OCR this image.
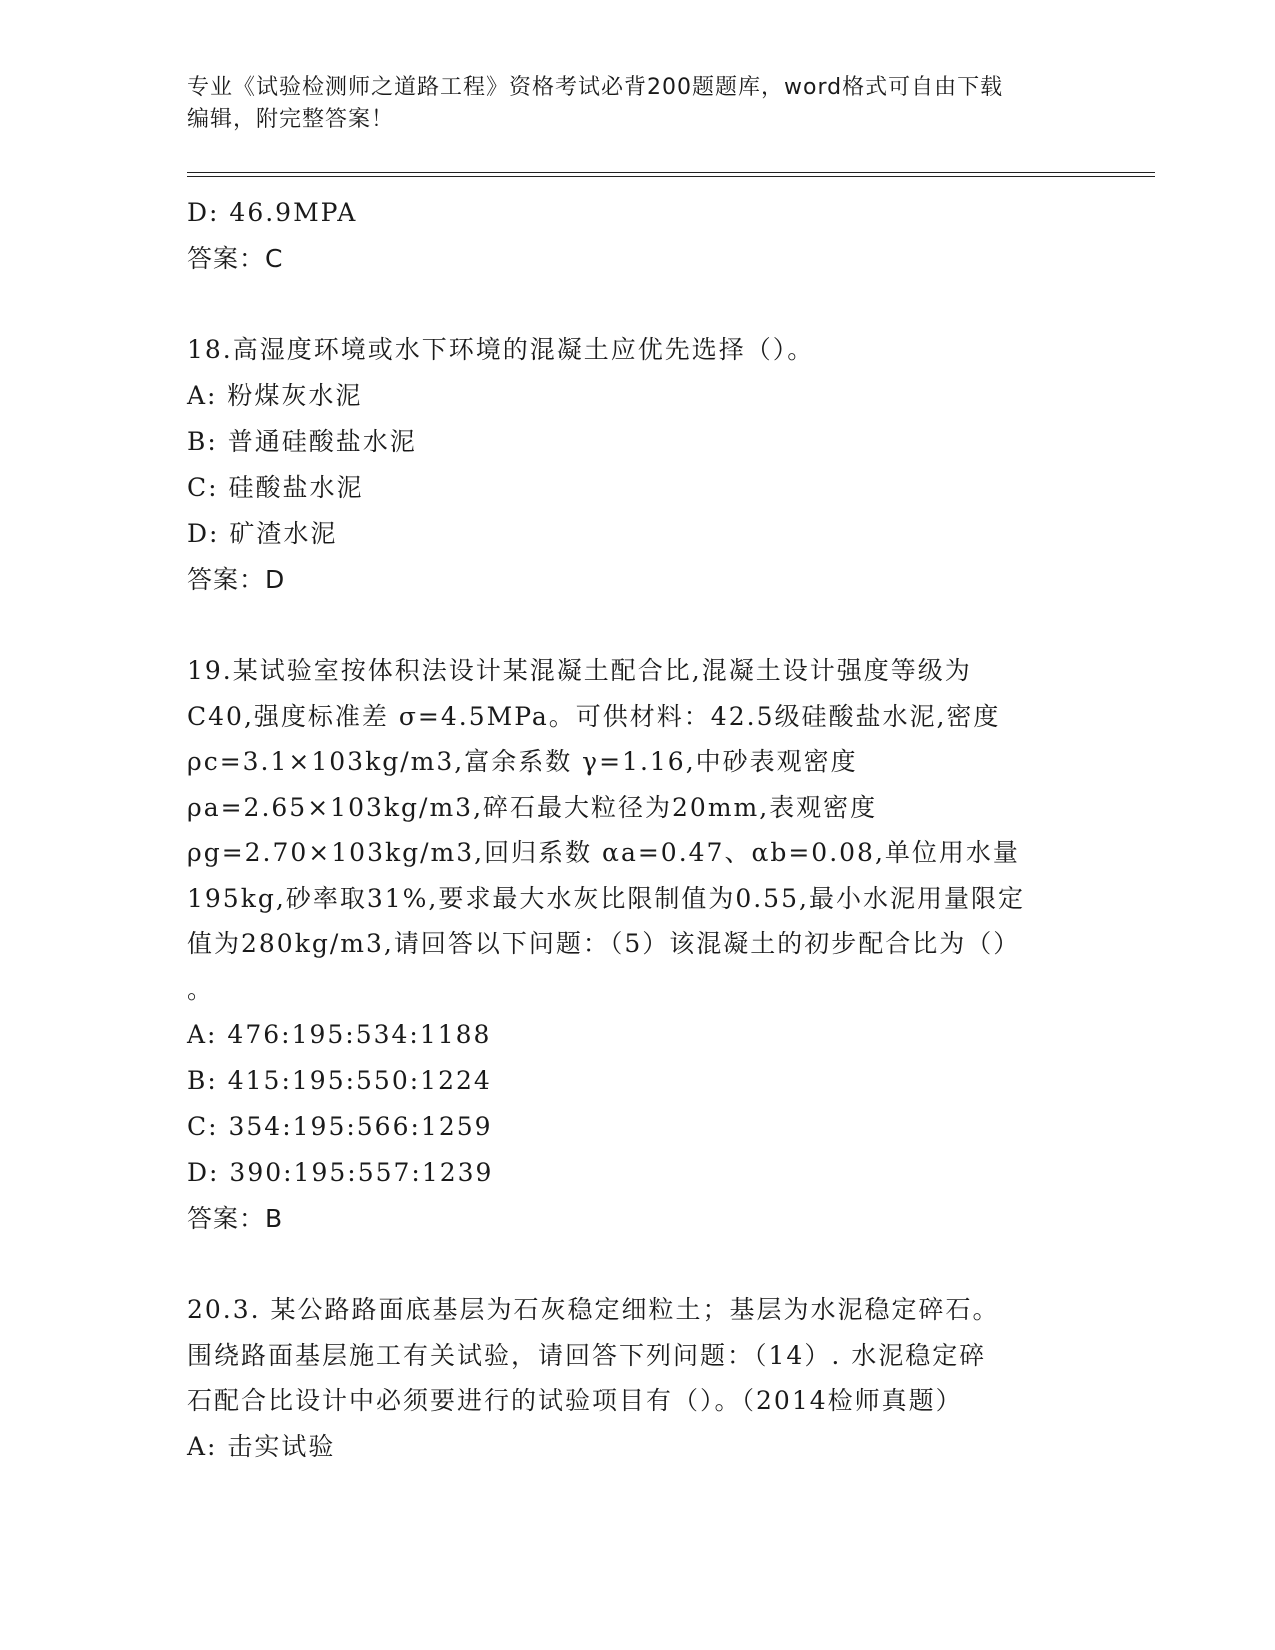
专业《试验检测师之道路工程》资格考试必背200题题库，word格式可自由下载
编辑，附完整答案！
D: 46.9MPA
答案：C
18.高湿度环境或水下环境的混凝土应优先选择（）。
A: 粉煤灰水泥
B: 普通硅酸盐水泥
C: 硅酸盐水泥
D: 矿渣水泥
答案：D
19.某试验室按体积法设计某混凝土配合比,混凝土设计强度等级为
C40,强度标准差 σ=4.5MPa。可供材料：42.5级硅酸盐水泥,密度
ρc=3.1×103kg/m3,富余系数 γ=1.16,中砂表观密度
ρa=2.65×103kg/m3,碎石最大粒径为20mm,表观密度
ρg=2.70×103kg/m3,回归系数 αa=0.47、αb=0.08,单位用水量
195kg,砂率取31%,要求最大水灰比限制值为0.55,最小水泥用量限定
值为280kg/m3,请回答以下问题：（5）该混凝土的初步配合比为（）
。
A: 476:195:534:1188
B: 415:195:550:1224
C: 354:195:566:1259
D: 390:195:557:1239
答案：B
20.3. 某公路路面底基层为石灰稳定细粒土；基层为水泥稳定碎石。
围绕路面基层施工有关试验，请回答下列问题：（14）. 水泥稳定碎
石配合比设计中必须要进行的试验项目有（）。（2014检师真题）
A: 击实试验
